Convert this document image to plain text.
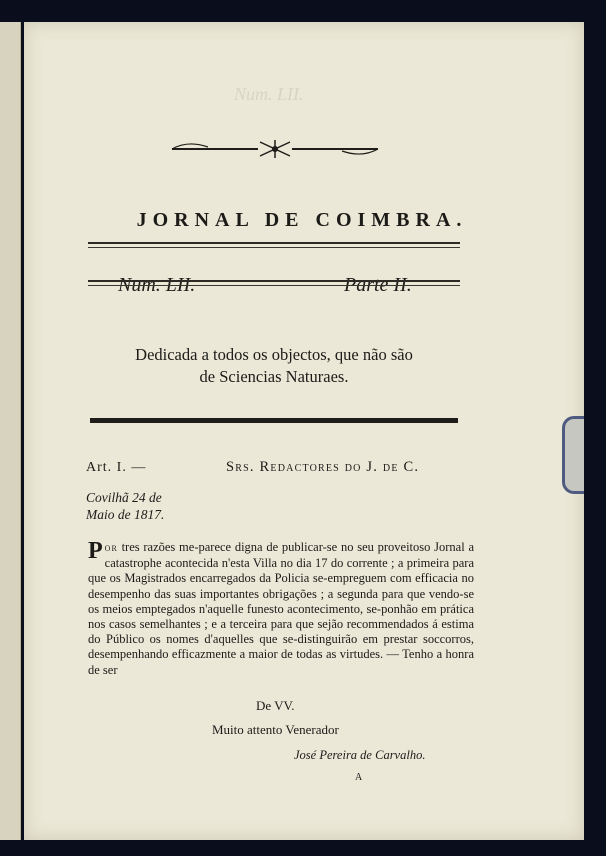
Num. LII.
JORNAL DE COIMBRA.
Num. LII.	Parte II.
Dedicada a todos os objectos, que não são
de Sciencias Naturaes.
Art. I. —	Srs. Redactores do J. de C.
Covilhã 24 de
Maio de 1817.
Por tres razões me-parece digna de publicar-se no seu proveitoso Jornal a catastrophe acontecida n'esta Villa no dia 17 do corrente ; a primeira para que os Magistrados encarregados da Policia se-empreguem com efficacia no desempenho das suas importantes obrigações ; a segunda para que vendo-se os meios emptegados n'aquelle funesto acontecimento, se-ponhão em prática nos casos semelhantes ; e a terceira para que sejão recommendados á estima do Público os nomes d'aquelles que se-distinguirão em prestar soccorros, desempenhando efficazmente a maior de todas as virtudes. — Tenho a honra de ser
De VV.
Muito attento Venerador
José Pereira de Carvalho.
A
